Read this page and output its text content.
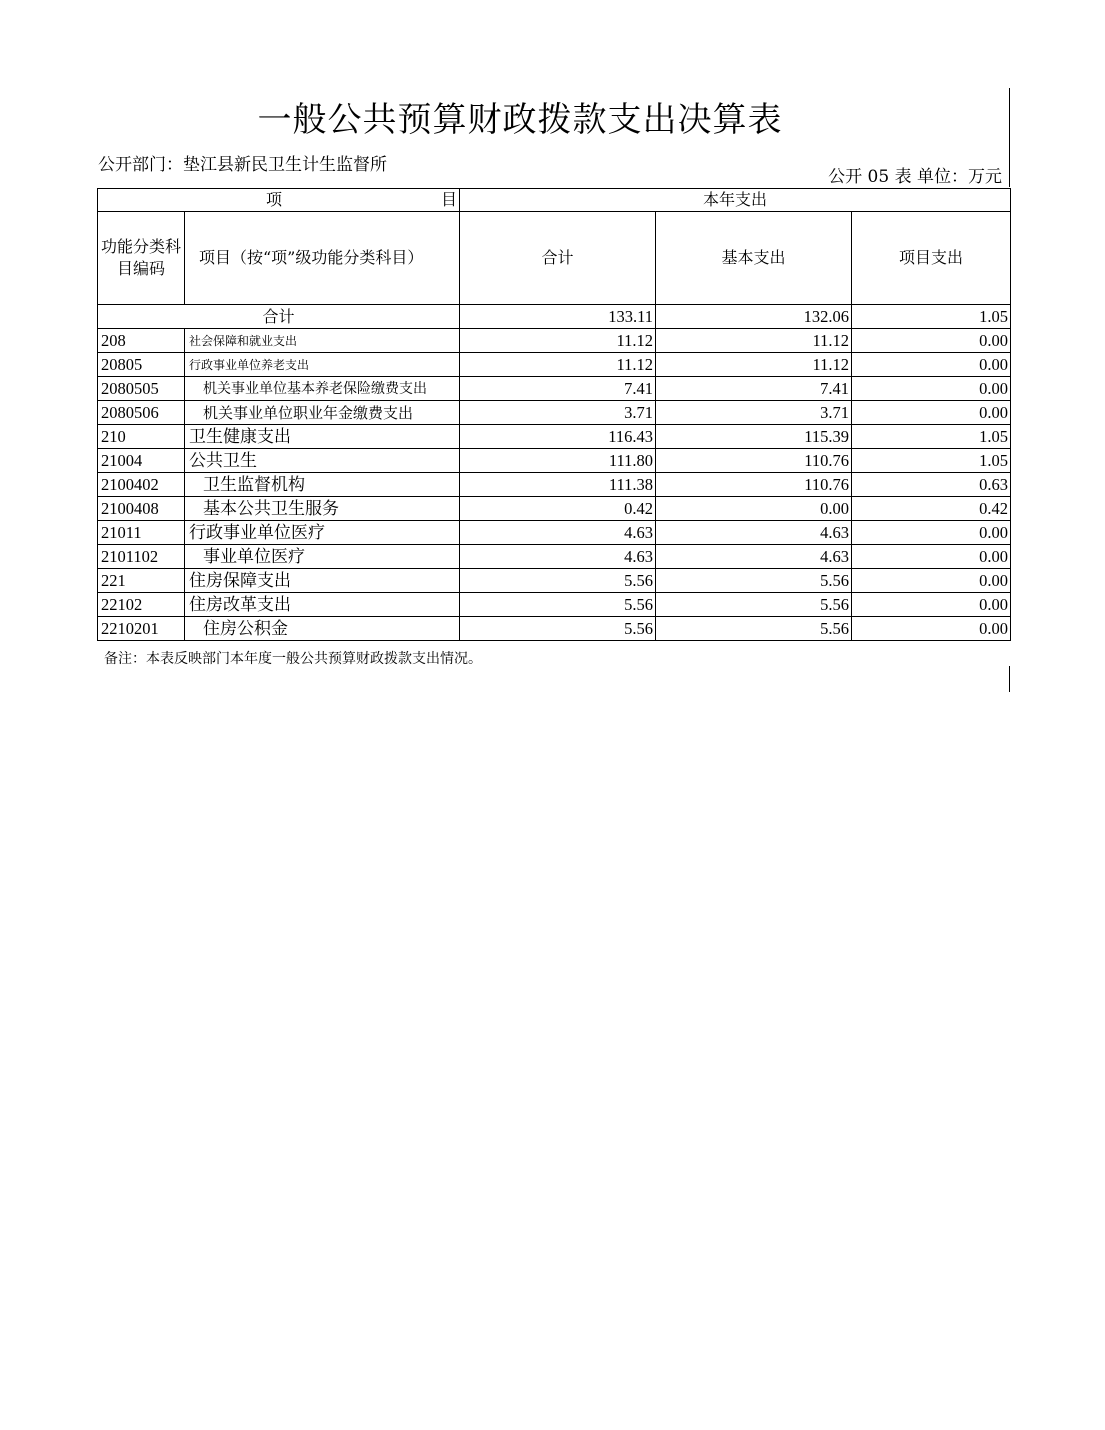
一般公共预算财政拨款支出决算表
公开部门：垫江县新民卫生计生监督所
公开 05 表 单位：万元
项 目		本年支出		
功能分类科目编码	项目（按“项”级功能分类科目）	合计	基本支出	项目支出
合计		133.11	132.06	1.05
208	社会保障和就业支出	11.12	11.12	0.00
20805	行政事业单位养老支出	11.12	11.12	0.00
2080505	机关事业单位基本养老保险缴费支出	7.41	7.41	0.00
2080506	机关事业单位职业年金缴费支出	3.71	3.71	0.00
210	卫生健康支出	116.43	115.39	1.05
21004	公共卫生	111.80	110.76	1.05
2100402	卫生监督机构	111.38	110.76	0.63
2100408	基本公共卫生服务	0.42	0.00	0.42
21011	行政事业单位医疗	4.63	4.63	0.00
2101102	事业单位医疗	4.63	4.63	0.00
221	住房保障支出	5.56	5.56	0.00
22102	住房改革支出	5.56	5.56	0.00
2210201	住房公积金	5.56	5.56	0.00
备注：本表反映部门本年度一般公共预算财政拨款支出情况。
